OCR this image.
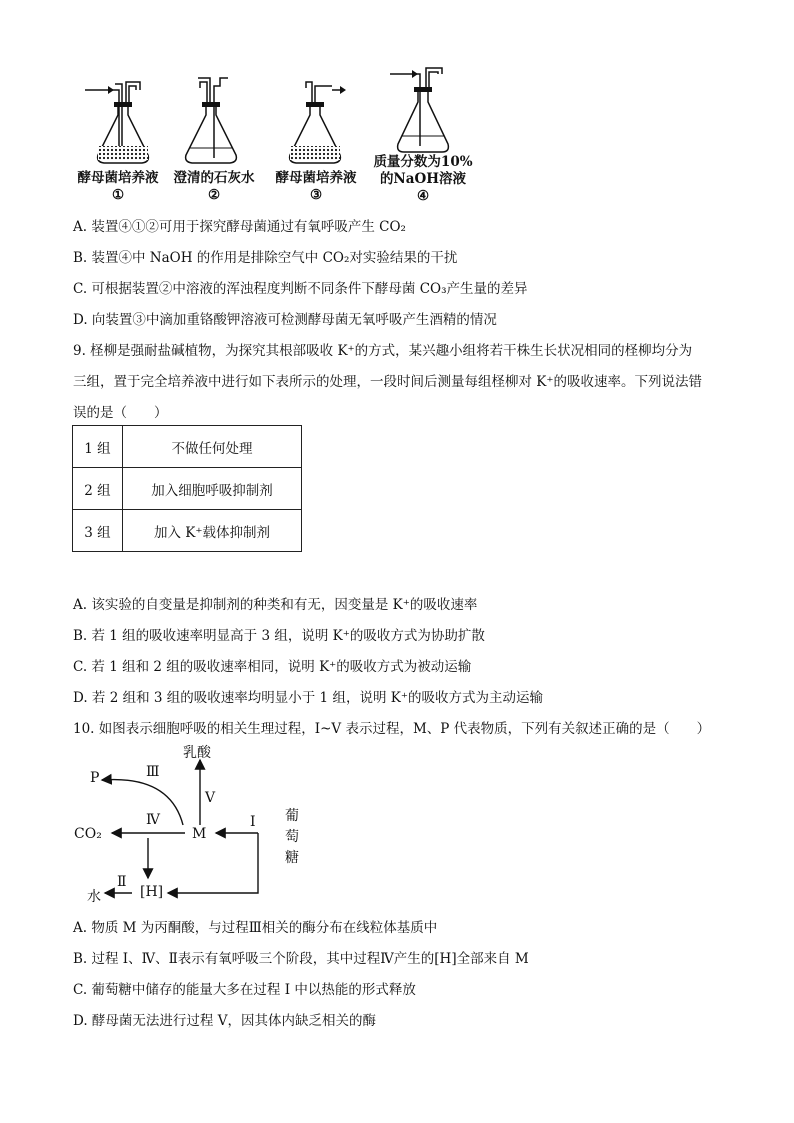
酵母菌培养液
①
澄清的石灰水
②
酵母菌培养液
③
质量分数为10%
的NaOH溶液
④
A. 装置④①②可用于探究酵母菌通过有氧呼吸产生 CO₂
B. 装置④中 NaOH 的作用是排除空气中 CO₂对实验结果的干扰
C. 可根据装置②中溶液的浑浊程度判断不同条件下酵母菌 CO₃产生量的差异
D. 向装置③中滴加重铬酸钾溶液可检测酵母菌无氧呼吸产生酒精的情况
9. 柽柳是强耐盐碱植物，为探究其根部吸收 K⁺的方式，某兴趣小组将若干株生长状况相同的柽柳均分为
三组，置于完全培养液中进行如下表所示的处理，一段时间后测量每组柽柳对 K⁺的吸收速率。下列说法错
误的是（　　）
1 组	不做任何处理
2 组	加入细胞呼吸抑制剂
3 组	加入 K⁺载体抑制剂
A. 该实验的自变量是抑制剂的种类和有无，因变量是 K⁺的吸收速率
B. 若 1 组的吸收速率明显高于 3 组，说明 K⁺的吸收方式为协助扩散
C. 若 1 组和 2 组的吸收速率相同，说明 K⁺的吸收方式为被动运输
D. 若 2 组和 3 组的吸收速率均明显小于 1 组，说明 K⁺的吸收方式为主动运输
10. 如图表示细胞呼吸的相关生理过程，I~V 表示过程，M、P 代表物质，下列有关叙述正确的是（　　）
乳酸
P	Ⅲ
V
Ⅳ
CO₂	M
I 葡
萄
糖
Ⅱ
水	[H]
A. 物质 M 为丙酮酸，与过程Ⅲ相关的酶分布在线粒体基质中
B. 过程 I、Ⅳ、Ⅱ表示有氧呼吸三个阶段，其中过程Ⅳ产生的[H]全部来自 M
C. 葡萄糖中储存的能量大多在过程 I 中以热能的形式释放
D. 酵母菌无法进行过程 V，因其体内缺乏相关的酶
